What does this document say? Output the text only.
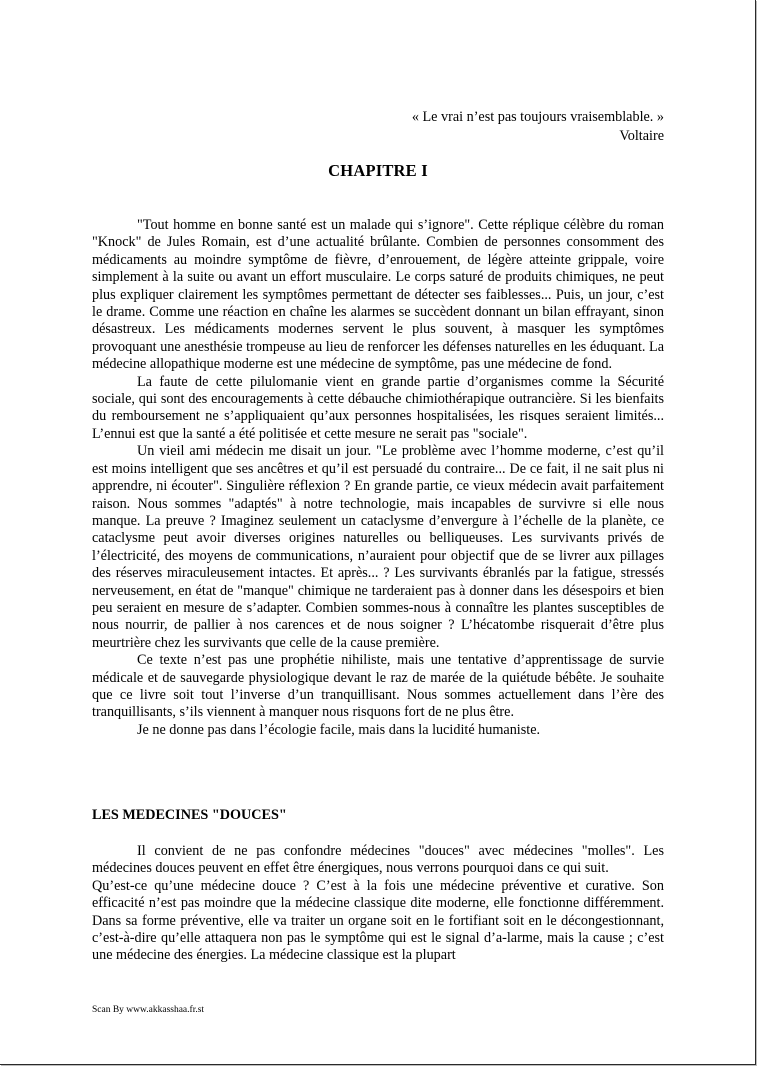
« Le vrai n’est pas toujours vraisemblable. »
Voltaire
CHAPITRE I

"Tout homme en bonne santé est un malade qui s’ignore". Cette réplique célèbre du roman "Knock" de Jules Romain, est d’une actualité brûlante. Combien de personnes consomment des médicaments au moindre symptôme de fièvre, d’enrouement, de légère atteinte grippale, voire simplement à la suite ou avant un effort musculaire. Le corps saturé de produits chimiques, ne peut plus expliquer clairement les symptômes permettant de détecter ses faiblesses... Puis, un jour, c’est le drame. Comme une réaction en chaîne les alarmes se succèdent donnant un bilan effrayant, sinon désastreux. Les médicaments modernes servent le plus souvent, à masquer les symptômes provoquant une anesthésie trompeuse au lieu de renforcer les défenses naturelles en les éduquant. La médecine allopathique moderne est une médecine de symptôme, pas une médecine de fond.

La faute de cette pilulomanie vient en grande partie d’organismes comme la Sécurité sociale, qui sont des encouragements à cette débauche chimiothérapique outrancière. Si les bienfaits du remboursement ne s’appliquaient qu’aux personnes hospitalisées, les risques seraient limités... L’ennui est que la santé a été politisée et cette mesure ne serait pas "sociale".

Un vieil ami médecin me disait un jour. "Le problème avec l’homme moderne, c’est qu’il est moins intelligent que ses ancêtres et qu’il est persuadé du contraire... De ce fait, il ne sait plus ni apprendre, ni écouter". Singulière réflexion ? En grande partie, ce vieux médecin avait parfaitement raison. Nous sommes "adaptés" à notre technologie, mais incapables de survivre si elle nous manque. La preuve ? Imaginez seulement un cataclysme d’envergure à l’échelle de la planète, ce cataclysme peut avoir diverses origines naturelles ou belliqueuses. Les survivants privés de l’électricité, des moyens de communications, n’auraient pour objectif que de se livrer aux pillages des réserves miraculeusement intactes. Et après... ? Les survivants ébranlés par la fatigue, stressés nerveusement, en état de "manque" chimique ne tarderaient pas à donner dans les désespoirs et bien peu seraient en mesure de s’adapter. Combien sommes-nous à connaître les plantes susceptibles de nous nourrir, de pallier à nos carences et de nous soigner ? L’hécatombe risquerait d’être plus meurtrière chez les survivants que celle de la cause première.

Ce texte n’est pas une prophétie nihiliste, mais une tentative d’apprentissage de survie médicale et de sauvegarde physiologique devant le raz de marée de la quiétude bébête. Je souhaite que ce livre soit tout l’inverse d’un tranquillisant. Nous sommes actuellement dans l’ère des tranquillisants, s’ils viennent à manquer nous risquons fort de ne plus être.

Je ne donne pas dans l’écologie facile, mais dans la lucidité humaniste.

LES MEDECINES "DOUCES"

Il convient de ne pas confondre médecines "douces" avec médecines "molles". Les médecines douces peuvent en effet être énergiques, nous verrons pourquoi dans ce qui suit.

Qu’est-ce qu’une médecine douce ? C’est à la fois une médecine préventive et curative. Son efficacité n’est pas moindre que la médecine classique dite moderne, elle fonctionne différemment. Dans sa forme préventive, elle va traiter un organe soit en le fortifiant soit en le décongestionnant, c’est-à-dire qu’elle attaquera non pas le symptôme qui est le signal d’a-larme, mais la cause ; c’est une médecine des énergies. La médecine classique est la plupart

Scan By www.akkasshaa.fr.st
